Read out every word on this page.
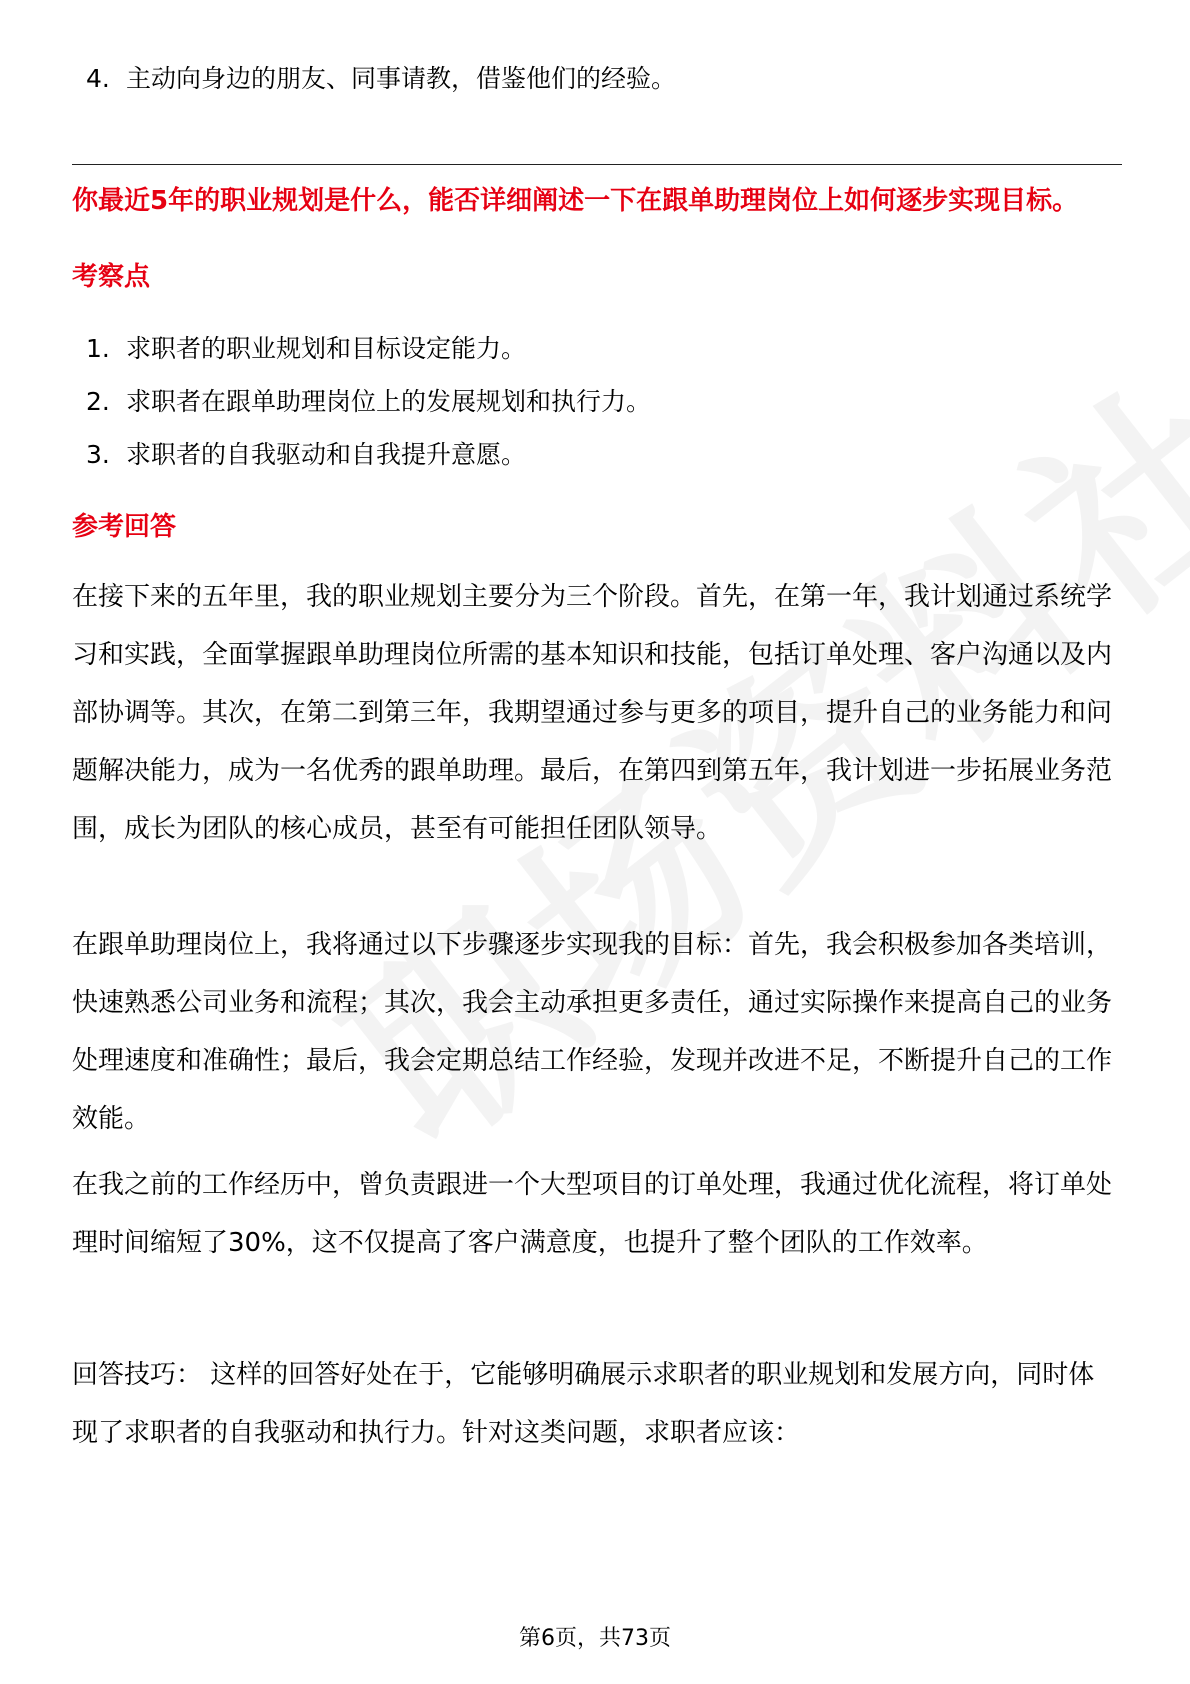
4. 主动向身边的朋友、同事请教，借鉴他们的经验。
你最近5年的职业规划是什么，能否详细阐述一下在跟单助理岗位上如何逐步实现目标。
考察点
1. 求职者的职业规划和目标设定能力。
2. 求职者在跟单助理岗位上的发展规划和执行力。
3. 求职者的自我驱动和自我提升意愿。
参考回答
在接下来的五年里，我的职业规划主要分为三个阶段。首先，在第一年，我计划通过系统学习和实践，全面掌握跟单助理岗位所需的基本知识和技能，包括订单处理、客户沟通以及内部协调等。其次，在第二到第三年，我期望通过参与更多的项目，提升自己的业务能力和问题解决能力，成为一名优秀的跟单助理。最后，在第四到第五年，我计划进一步拓展业务范围，成长为团队的核心成员，甚至有可能担任团队领导。
在跟单助理岗位上，我将通过以下步骤逐步实现我的目标：首先，我会积极参加各类培训，快速熟悉公司业务和流程；其次，我会主动承担更多责任，通过实际操作来提高自己的业务处理速度和准确性；最后，我会定期总结工作经验，发现并改进不足，不断提升自己的工作效能。
在我之前的工作经历中，曾负责跟进一个大型项目的订单处理，我通过优化流程，将订单处理时间缩短了30%，这不仅提高了客户满意度，也提升了整个团队的工作效率。
回答技巧： 这样的回答好处在于，它能够明确展示求职者的职业规划和发展方向，同时体现了求职者的自我驱动和执行力。针对这类问题，求职者应该：
第6页，共73页
